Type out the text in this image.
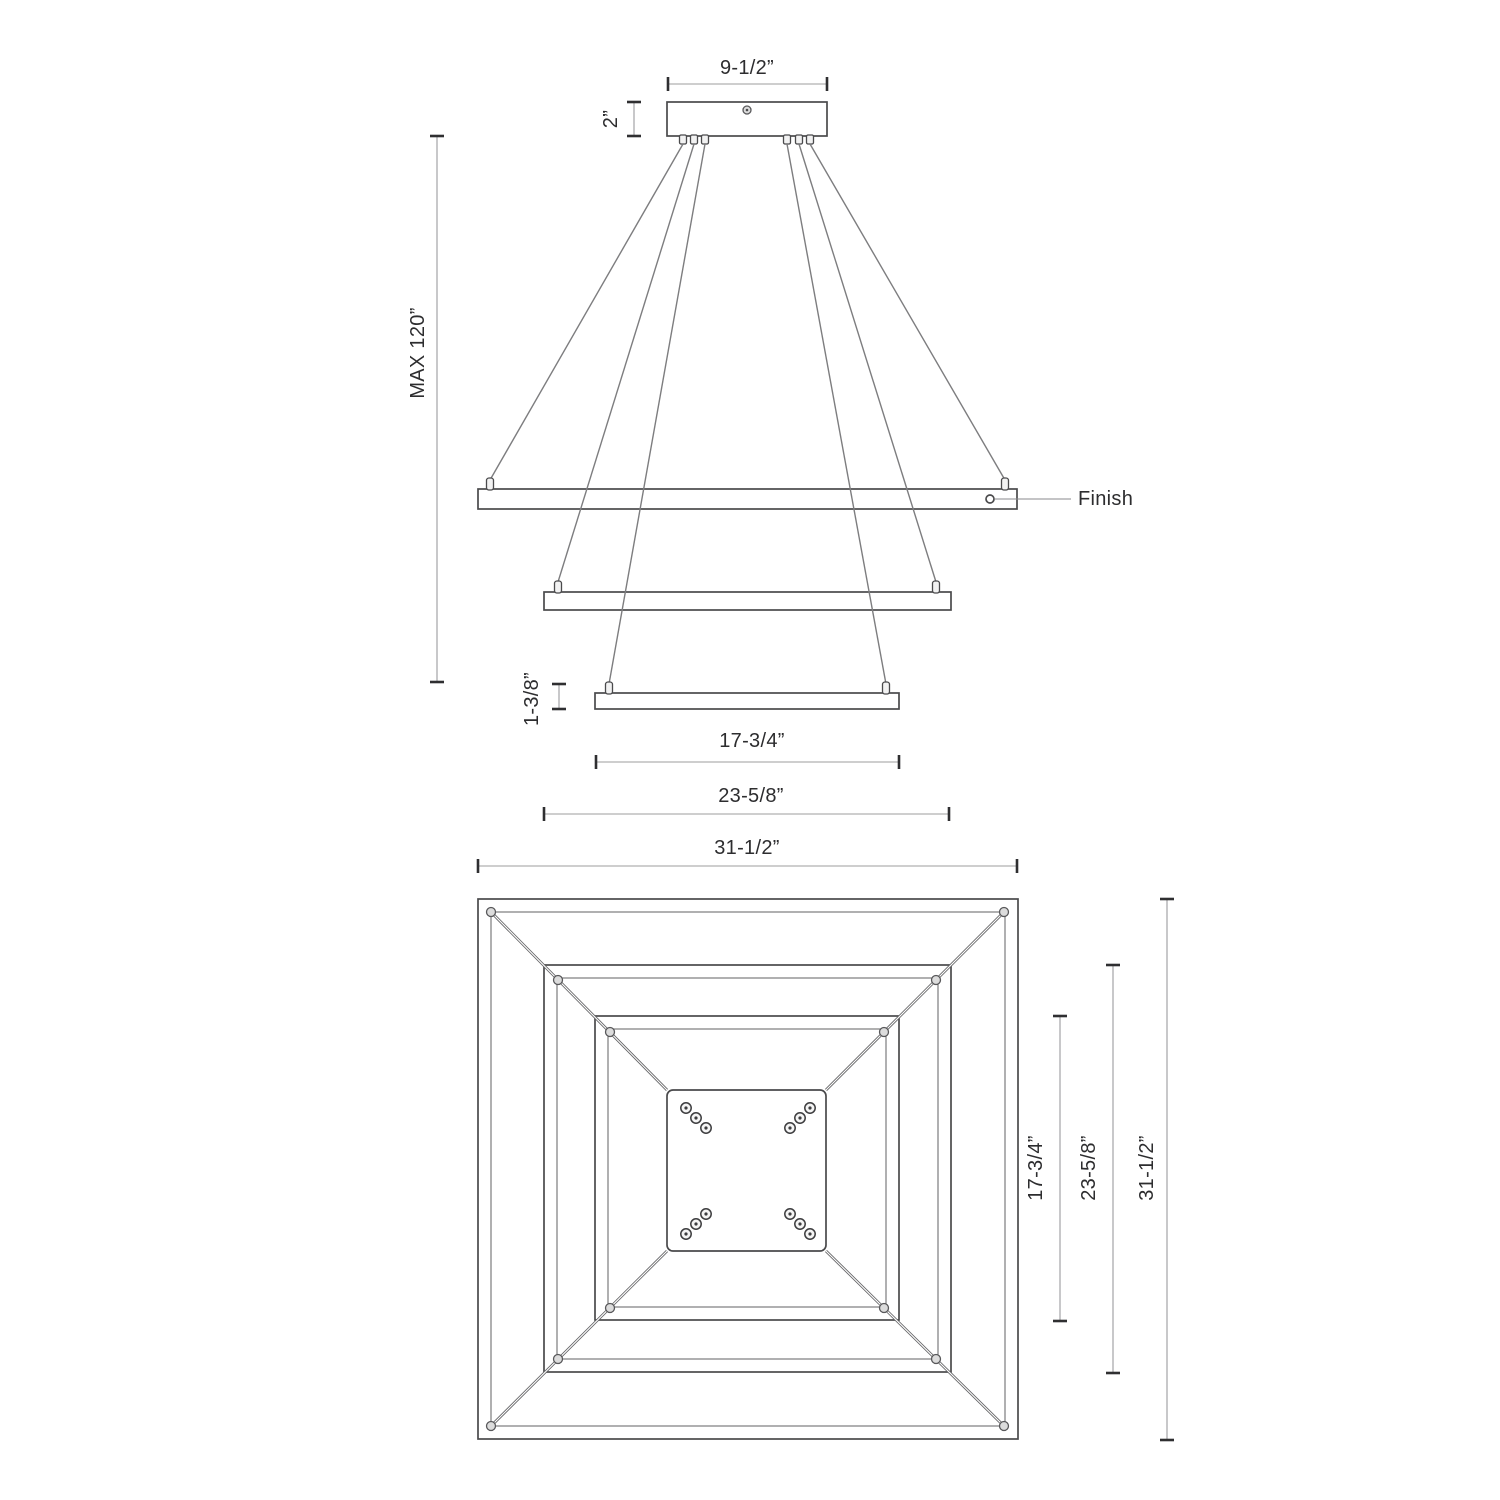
Finish
9-1/2”
2”
MAX 120”
1-3/8”
17-3/4”
23-5/8”
31-1/2”
17-3/4” 23-5/8” 31-1/2”
